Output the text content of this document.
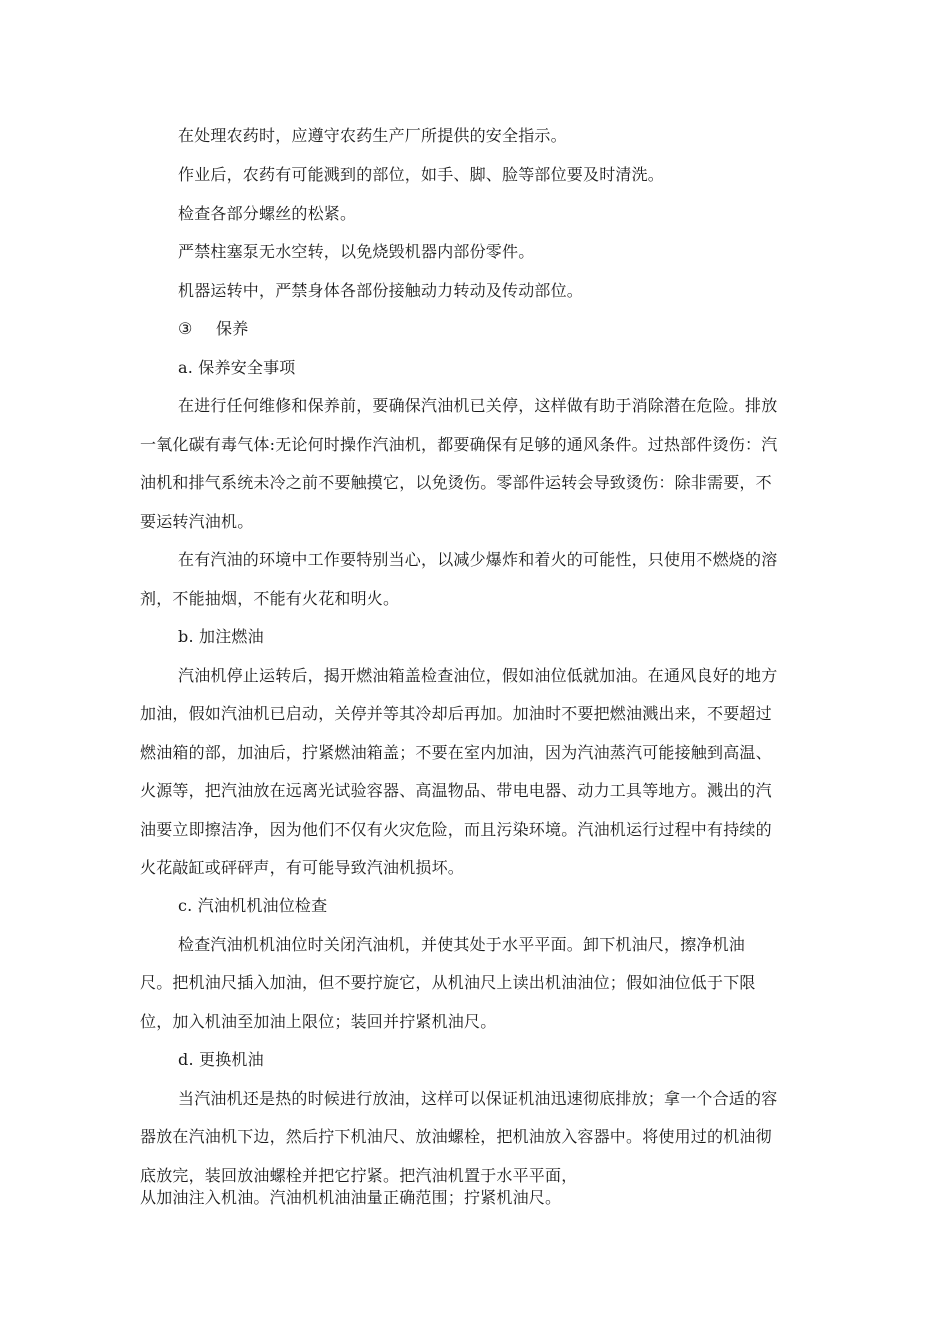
在处理农药时，应遵守农药生产厂所提供的安全指示。
作业后，农药有可能溅到的部位，如手、脚、脸等部位要及时清洗。
检查各部分螺丝的松紧。
严禁柱塞泵无水空转，以免烧毁机器内部份零件。
机器运转中，严禁身体各部份接触动力转动及传动部位。
③ 保养
a. 保养安全事项
在进行任何维修和保养前，要确保汽油机已关停，这样做有助于消除潜在危险。排放
一氧化碳有毒气体:无论何时操作汽油机，都要确保有足够的通风条件。过热部件烫伤：汽
油机和排气系统未冷之前不要触摸它，以免烫伤。零部件运转会导致烫伤：除非需要，不
要运转汽油机。
在有汽油的环境中工作要特别当心，以减少爆炸和着火的可能性，只使用不燃烧的溶
剂，不能抽烟，不能有火花和明火。
b. 加注燃油
汽油机停止运转后，揭开燃油箱盖检查油位，假如油位低就加油。在通风良好的地方
加油，假如汽油机已启动，关停并等其冷却后再加。加油时不要把燃油溅出来，不要超过
燃油箱的部，加油后，拧紧燃油箱盖；不要在室内加油，因为汽油蒸汽可能接触到高温、
火源等，把汽油放在远离光试验容器、高温物品、带电电器、动力工具等地方。溅出的汽
油要立即擦洁净，因为他们不仅有火灾危险，而且污染环境。汽油机运行过程中有持续的
火花敲缸或砰砰声，有可能导致汽油机损坏。
c. 汽油机机油位检查
检查汽油机机油位时关闭汽油机，并使其处于水平平面。卸下机油尺，擦净机油
尺。把机油尺插入加油，但不要拧旋它，从机油尺上读出机油油位；假如油位低于下限
位，加入机油至加油上限位；装回并拧紧机油尺。
d. 更换机油
当汽油机还是热的时候进行放油，这样可以保证机油迅速彻底排放；拿一个合适的容
器放在汽油机下边，然后拧下机油尺、放油螺栓，把机油放入容器中。将使用过的机油彻
底放完，装回放油螺栓并把它拧紧。把汽油机置于水平平面，
从加油注入机油。汽油机机油油量正确范围；拧紧机油尺。
